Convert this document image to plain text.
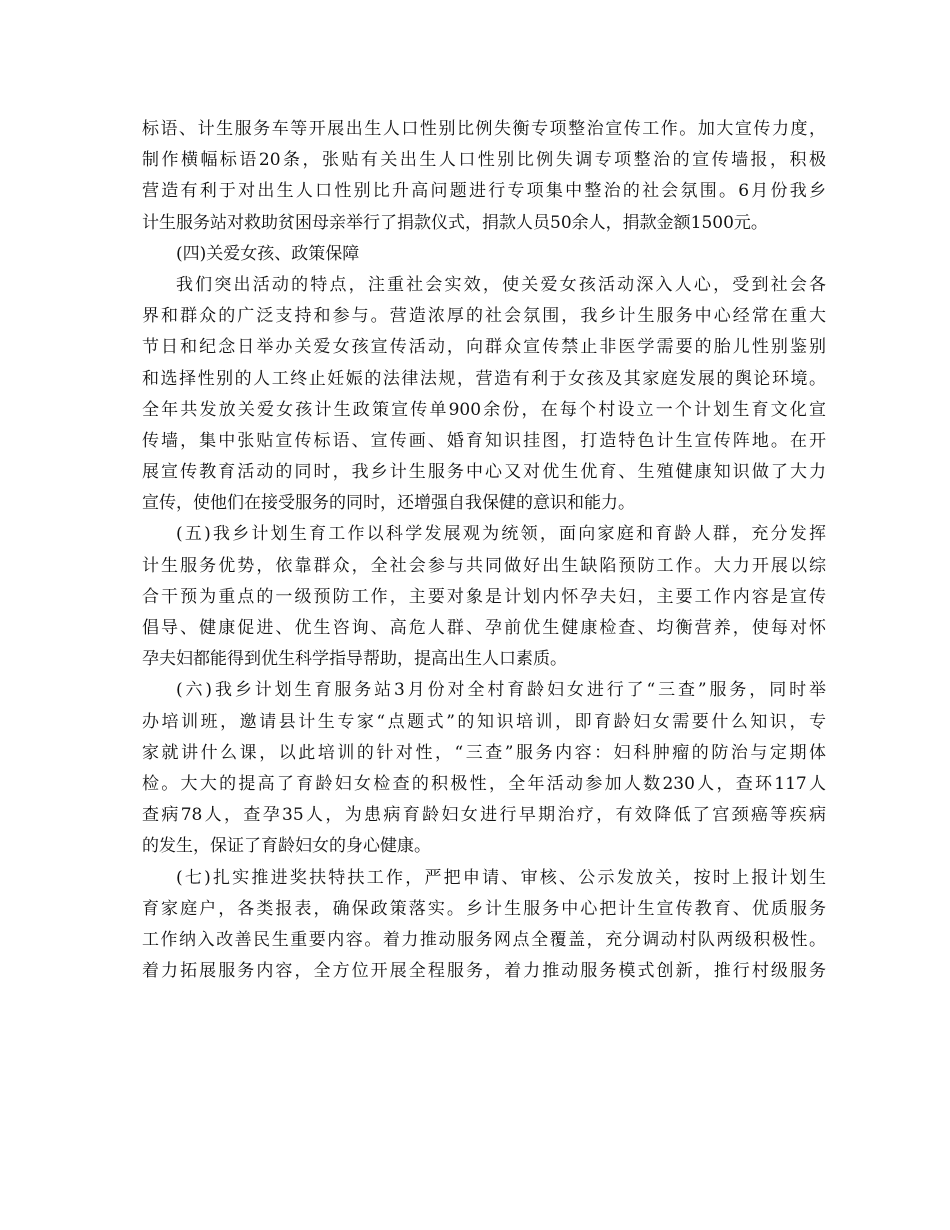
标语、计生服务车等开展出生人口性别比例失衡专项整治宣传工作。加大宣传力度，
制作横幅标语20条，张贴有关出生人口性别比例失调专项整治的宣传墙报，积极
营造有利于对出生人口性别比升高问题进行专项集中整治的社会氛围。6月份我乡
计生服务站对救助贫困母亲举行了捐款仪式，捐款人员50余人，捐款金额1500元。
(四)关爱女孩、政策保障
我们突出活动的特点，注重社会实效，使关爱女孩活动深入人心，受到社会各
界和群众的广泛支持和参与。营造浓厚的社会氛围，我乡计生服务中心经常在重大
节日和纪念日举办关爱女孩宣传活动，向群众宣传禁止非医学需要的胎儿性别鉴别
和选择性别的人工终止妊娠的法律法规，营造有利于女孩及其家庭发展的舆论环境。
全年共发放关爱女孩计生政策宣传单900余份，在每个村设立一个计划生育文化宣
传墙，集中张贴宣传标语、宣传画、婚育知识挂图，打造特色计生宣传阵地。在开
展宣传教育活动的同时，我乡计生服务中心又对优生优育、生殖健康知识做了大力
宣传，使他们在接受服务的同时，还增强自我保健的意识和能力。
(五)我乡计划生育工作以科学发展观为统领，面向家庭和育龄人群，充分发挥
计生服务优势，依靠群众，全社会参与共同做好出生缺陷预防工作。大力开展以综
合干预为重点的一级预防工作，主要对象是计划内怀孕夫妇，主要工作内容是宣传
倡导、健康促进、优生咨询、高危人群、孕前优生健康检查、均衡营养，使每对怀
孕夫妇都能得到优生科学指导帮助，提高出生人口素质。
(六)我乡计划生育服务站3月份对全村育龄妇女进行了“三查”服务，同时举
办培训班，邀请县计生专家“点题式”的知识培训，即育龄妇女需要什么知识，专
家就讲什么课，以此培训的针对性，“三查”服务内容：妇科肿瘤的防治与定期体
检。大大的提高了育龄妇女检查的积极性，全年活动参加人数230人，查环117人
查病78人，查孕35人，为患病育龄妇女进行早期治疗，有效降低了宫颈癌等疾病
的发生，保证了育龄妇女的身心健康。
(七)扎实推进奖扶特扶工作，严把申请、审核、公示发放关，按时上报计划生
育家庭户，各类报表，确保政策落实。乡计生服务中心把计生宣传教育、优质服务
工作纳入改善民生重要内容。着力推动服务网点全覆盖，充分调动村队两级积极性。
着力拓展服务内容，全方位开展全程服务，着力推动服务模式创新，推行村级服务
